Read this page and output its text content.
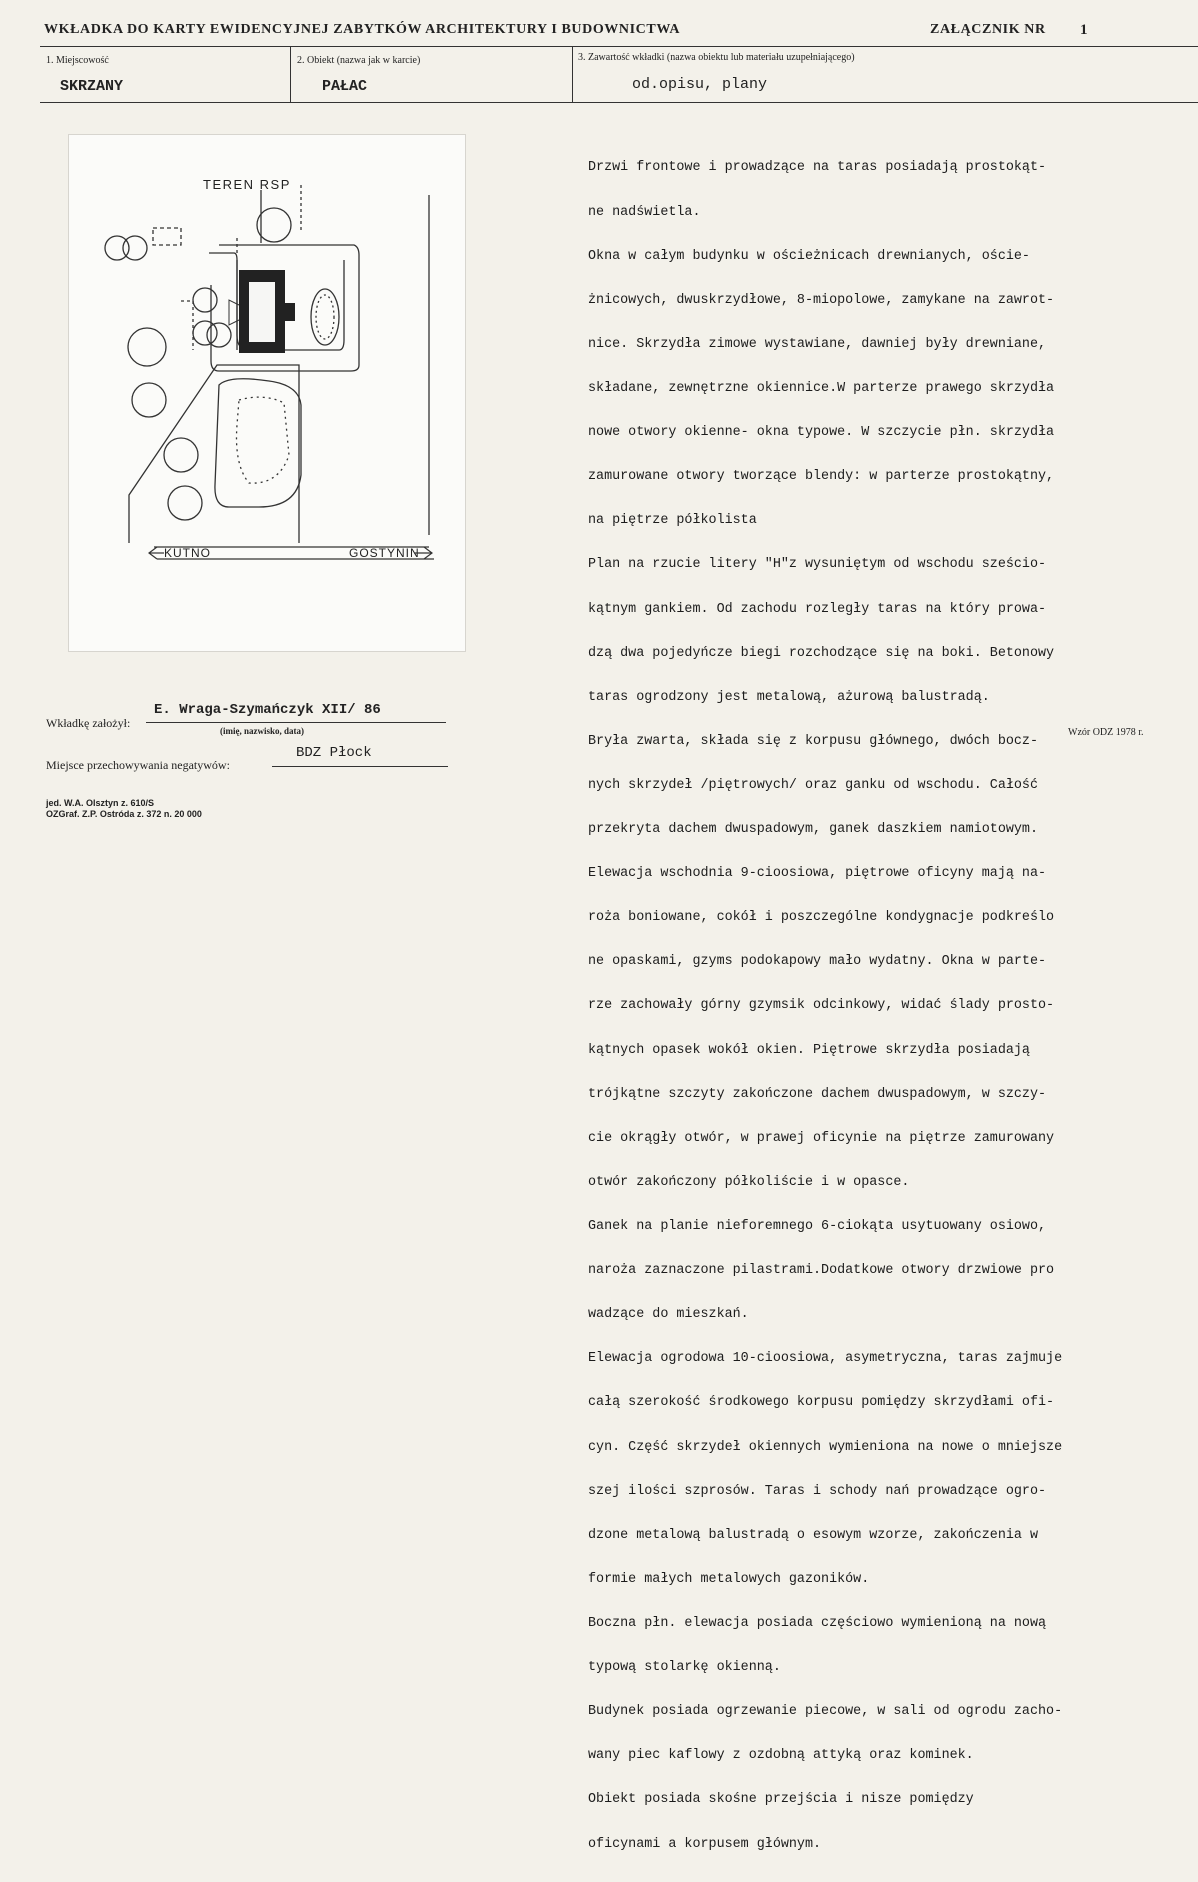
WKŁADKA DO KARTY EWIDENCYJNEJ ZABYTKÓW ARCHITEKTURY I BUDOWNICTWA	ZAŁĄCZNIK NR 1
1. Miejscowość
SKRZANY
2. Obiekt (nazwa jak w karcie)
PAŁAC
3. Zawartość wkładki (nazwa obiektu lub materiału uzupełniającego)
od.opisu, plany
TEREN RSP
KUTNO	GOSTYNIN

Drzwi frontowe i prowadzące na taras posiadają prostokąt-

ne nadświetla.

Okna w całym budynku w ościeżnicach drewnianych, oście-

żnicowych, dwuskrzydłowe, 8-miopolowe, zamykane na zawrot-

nice. Skrzydła zimowe wystawiane, dawniej były drewniane,

składane, zewnętrzne okiennice.W parterze prawego skrzydła

nowe otwory okienne- okna typowe. W szczycie płn. skrzydła

zamurowane otwory tworzące blendy: w parterze prostokątny,

na piętrze półkolista

Plan na rzucie litery "H"z wysuniętym od wschodu sześcio-

kątnym gankiem. Od zachodu rozległy taras na który prowa-

dzą dwa pojedyńcze biegi rozchodzące się na boki. Betonowy

taras ogrodzony jest metalową, ażurową balustradą.

Bryła zwarta, składa się z korpusu głównego, dwóch bocz-

nych skrzydeł /piętrowych/ oraz ganku od wschodu. Całość

przekryta dachem dwuspadowym, ganek daszkiem namiotowym.

Elewacja wschodnia 9-cioosiowa, piętrowe oficyny mają na-

roża boniowane, cokół i poszczególne kondygnacje podkreślo

ne opaskami, gzyms podokapowy mało wydatny. Okna w parte-

rze zachowały górny gzymsik odcinkowy, widać ślady prosto-

kątnych opasek wokół okien. Piętrowe skrzydła posiadają

trójkątne szczyty zakończone dachem dwuspadowym, w szczy-

cie okrągły otwór, w prawej oficynie na piętrze zamurowany

otwór zakończony półkoliście i w opasce.

Ganek na planie nieforemnego 6-ciokąta usytuowany osiowo,

naroża zaznaczone pilastrami.Dodatkowe otwory drzwiowe pro

wadzące do mieszkań.

Elewacja ogrodowa 10-cioosiowa, asymetryczna, taras zajmuje

całą szerokość środkowego korpusu pomiędzy skrzydłami ofi-

cyn. Część skrzydeł okiennych wymieniona na nowe o mniejsze

szej ilości szprosów. Taras i schody nań prowadzące ogro-

dzone metalową balustradą o esowym wzorze, zakończenia w

formie małych metalowych gazoników.

Boczna płn. elewacja posiada częściowo wymienioną na nową

typową stolarkę okienną.

Budynek posiada ogrzewanie piecowe, w sali od ogrodu zacho-

wany piec kaflowy z ozdobną attyką oraz kominek.

Obiekt posiada skośne przejścia i nisze pomiędzy

oficynami a korpusem głównym.

Wzór ODZ 1978 r.
Wkładkę założył:
E. Wraga-Szymańczyk XII/ 86
(imię, nazwisko, data)
Miejsce przechowywania negatywów:
BDZ Płock
jed. W.A. Olsztyn z. 610/S
OZGraf. Z.P. Ostróda z. 372 n. 20 000
